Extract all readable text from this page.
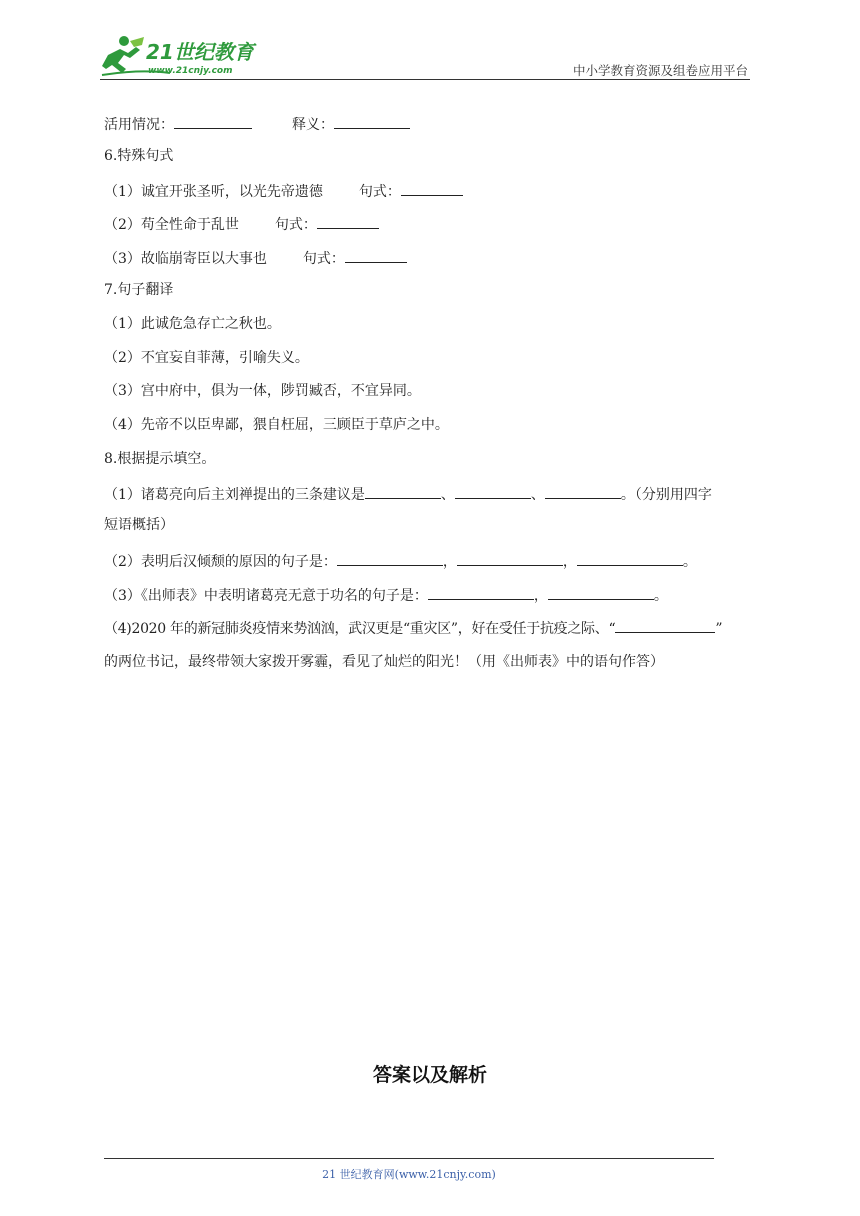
21世纪教育
www.21cnjy.com	中小学教育资源及组卷应用平台
活用情况：	释义：
6.特殊句式
（1）诚宜开张圣听，以光先帝遗德	句式：
（2）苟全性命于乱世	句式：
（3）故临崩寄臣以大事也	句式：
7.句子翻译
（1）此诚危急存亡之秋也。
（2）不宜妄自菲薄，引喻失义。
（3）宫中府中，俱为一体，陟罚臧否，不宜异同。
（4）先帝不以臣卑鄙，猥自枉屈，三顾臣于草庐之中。
8.根据提示填空。
（1）诸葛亮向后主刘禅提出的三条建议是	、	、	。（分别用四字
短语概括）
（2）表明后汉倾颓的原因的句子是：	，	，	。
（3）《出师表》中表明诸葛亮无意于功名的句子是：	，	。
（4)2020 年的新冠肺炎疫情来势汹汹，武汉更是“重灾区”，好在受任于抗疫之际、“	”
的两位书记，最终带领大家拨开雾霾，看见了灿烂的阳光！（用《出师表》中的语句作答）
答案以及解析
21 世纪教育网(www.21cnjy.com)
